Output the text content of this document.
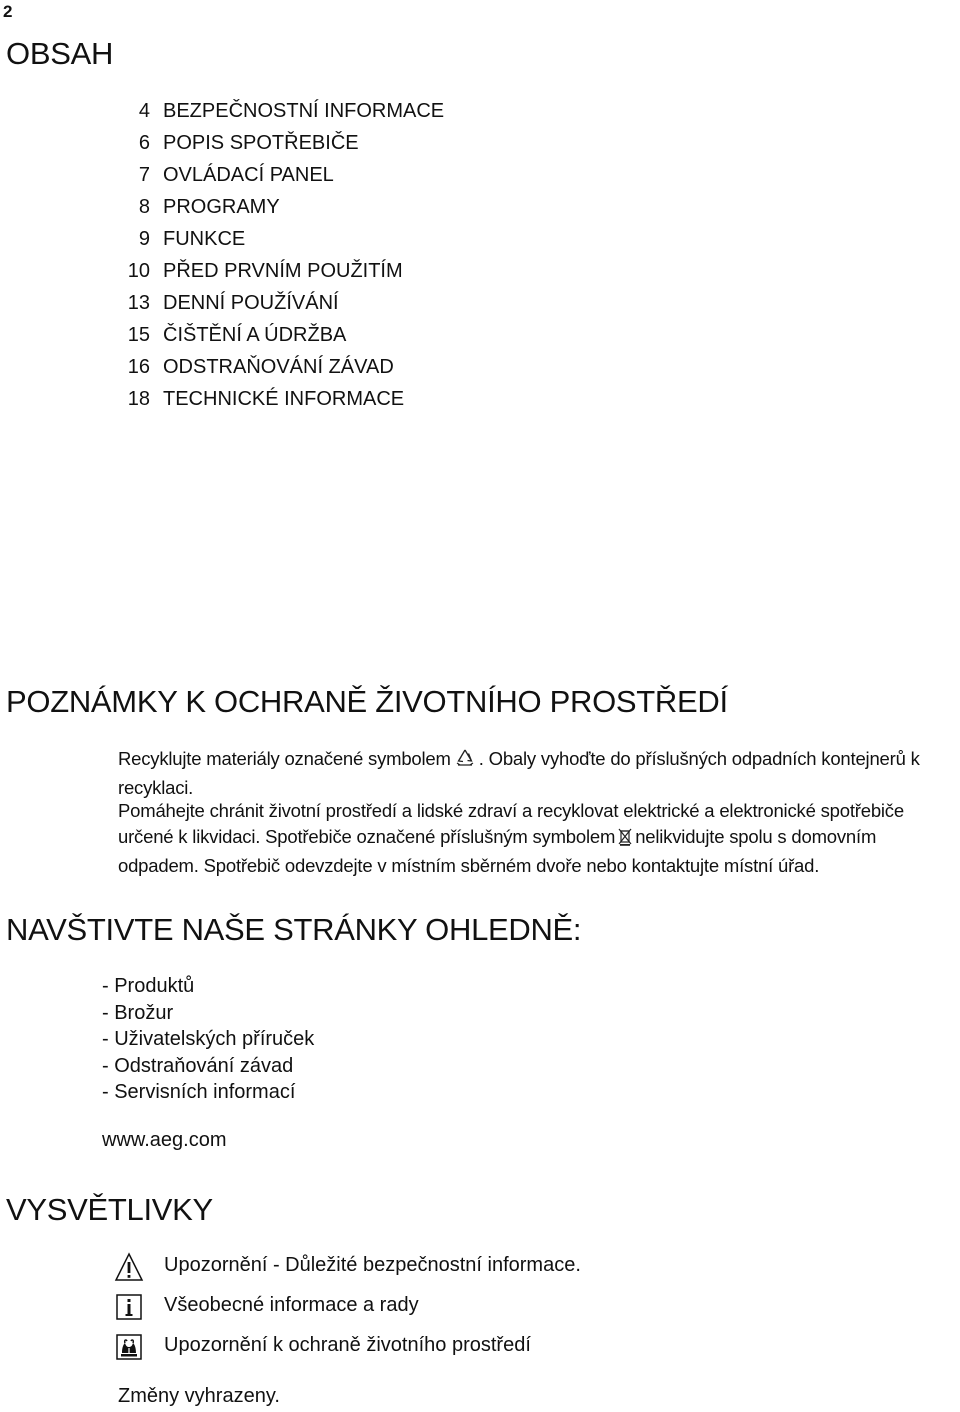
2
OBSAH
4 BEZPEČNOSTNÍ INFORMACE
6 POPIS SPOTŘEBIČE
7 OVLÁDACÍ PANEL
8 PROGRAMY
9 FUNKCE
10 PŘED PRVNÍM POUŽITÍM
13 DENNÍ POUŽÍVÁNÍ
15 ČIŠTĚNÍ A ÚDRŽBA
16 ODSTRAŇOVÁNÍ ZÁVAD
18 TECHNICKÉ INFORMACE
POZNÁMKY K OCHRANĚ ŽIVOTNÍHO PROSTŘEDÍ
Recyklujte materiály označené symbolem . Obaly vyhoďte do příslušných odpadních kontejnerů k recyklaci.
Pomáhejte chránit životní prostředí a lidské zdraví a recyklovat elektrické a elektronické spotřebiče určené k likvidaci. Spotřebiče označené příslušným symbolem nelikvidujte spolu s domovním odpadem. Spotřebič odevzdejte v místním sběrném dvoře nebo kontaktujte místní úřad.
NAVŠTIVTE NAŠE STRÁNKY OHLEDNĚ:
- Produktů
- Brožur
- Uživatelských příruček
- Odstraňování závad
- Servisních informací
www.aeg.com
VYSVĚTLIVKY
Upozornění - Důležité bezpečnostní informace.
Všeobecné informace a rady
Upozornění k ochraně životního prostředí
Změny vyhrazeny.
